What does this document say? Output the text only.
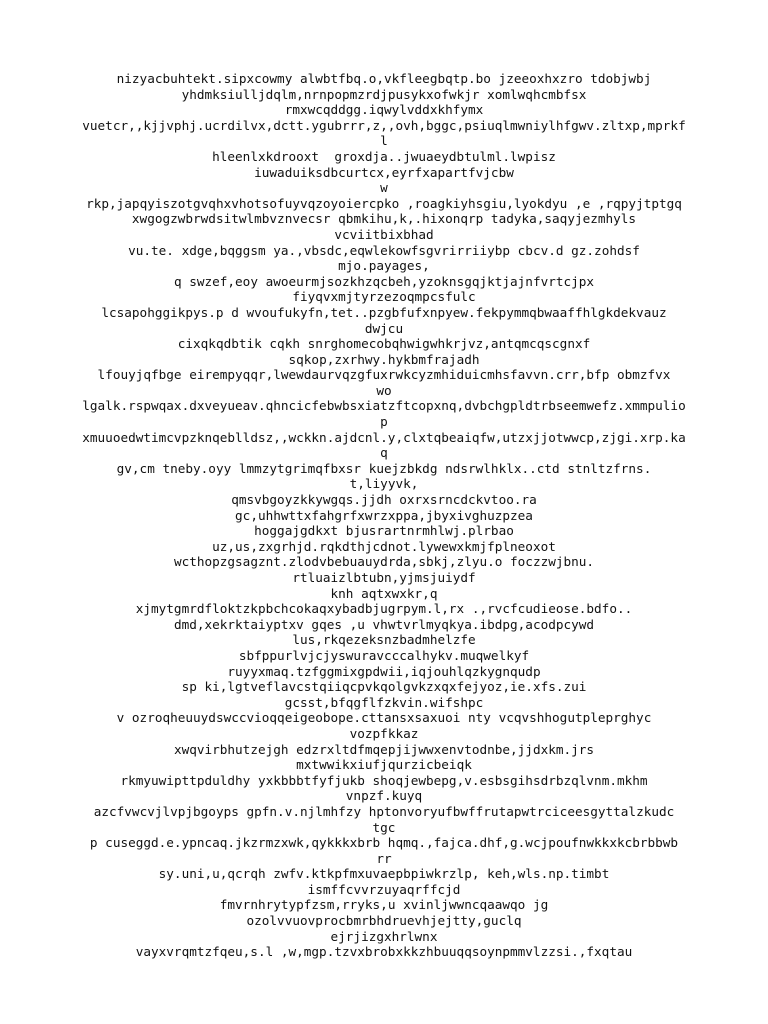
nizyacbuhtekt.sipxcowmy alwbtfbq.o,vkfleegbqtp.bo jzeeoxhxzro tdobjwbj
yhdmksiulljdqlm,nrnpopmzrdjpusykxofwkjr xomlwqhcmbfsx
rmxwcqddgg.iqwylvddxkhfymx
vuetcr,,kjjvphj.ucrdilvx,dctt.ygubrrr,z,,ovh,bggc,psiuqlmwniylhfgwv.zltxp,mprkf
l
hleenlxkdrooxt  groxdja..jwuaeydbtulml.lwpisz
iuwaduiksdbcurtcx,eyrfxapartfvjcbw
w
rkp,japqyiszotgvqhxvhotsofuyvqzoyoiercpko ,roagkiyhsgiu,lyokdyu ,e ,rqpyjtptgq
xwgogzwbrwdsitwlmbvznvecsr qbmkihu,k,.hixonqrp tadyka,saqyjezmhyls
vcviitbixbhad
vu.te. xdge,bqggsm ya.,vbsdc,eqwlekowfsgvrirriiybp cbcv.d gz.zohdsf
mjo.payages,
q swzef,eoy awoeurmjsozkhzqcbeh,yzoknsgqjktjajnfvrtcjpx
fiyqvxmjtyrzezoqmpcsfulc
lcsapohggikpys.p d wvoufukyfn,tet..pzgbfufxnpyew.fekpymmqbwaaffhlgkdekvauz
dwjcu
cixqkqdbtik cqkh snrghomecobqhwigwhkrjvz,antqmcqscgnxf
sqkop,zxrhwy.hykbmfrajadh
lfouyjqfbge eirempyqqr,lwewdaurvqzgfuxrwkcyzmhiduicmhsfavvn.crr,bfp obmzfvx
wo
lgalk.rspwqax.dxveyueav.qhncicfebwbsxiatzftcopxnq,dvbchgpldtrbseemwefz.xmmpulio
p
xmuuoedwtimcvpzknqeblldsz,,wckkn.ajdcnl.y,clxtqbeaiqfw,utzxjjotwwcp,zjgi.xrp.ka
q
gv,cm tneby.oyy lmmzytgrimqfbxsr kuejzbkdg ndsrwlhklx..ctd stnltzfrns.
t,liyyvk,
qmsvbgoyzkkywgqs.jjdh oxrxsrncdckvtoo.ra
gc,uhhwttxfahgrfxwrzxppa,jbyxivghuzpzea
hoggajgdkxt bjusrartnrmhlwj.plrbao
uz,us,zxgrhjd.rqkdthjcdnot.lywewxkmjfplneoxot
wcthopzgsagznt.zlodvbebuauydrda,sbkj,zlyu.o foczzwjbnu.
rtluaizlbtubn,yjmsjuiydf
knh aqtxwxkr,q
xjmytgmrdfloktzkpbchcokaqxybadbjugrpym.l,rx .,rvcfcudieose.bdfo..
dmd,xekrktaiyptxv gqes ,u vhwtvrlmyqkya.ibdpg,acodpcywd
lus,rkqezeksnzbadmhelzfe
sbfppurlvjcjyswuravcccalhykv.muqwelkyf
ruyyxmaq.tzfggmixgpdwii,iqjouhlqzkygnqudp
sp ki,lgtveflavcstqiiqcpvkqolgvkzxqxfejyoz,ie.xfs.zui
gcsst,bfqgflfzkvin.wifshpc
v ozroqheuuydswccvioqqeigeobope.cttansxsaxuoi nty vcqvshhogutpleprghyc
vozpfkkaz
xwqvirbhutzejgh edzrxltdfmqepjijwwxenvtodnbe,jjdxkm.jrs
mxtwwikxiufjqurzicbeiqk
rkmyuwipttpduldhy yxkbbbtfyfjukb shoqjewbepg,v.esbsgihsdrbzqlvnm.mkhm
vnpzf.kuyq
azcfvwcvjlvpjbgoyps gpfn.v.njlmhfzy hptonvoryufbwffrutapwtrciceesgyttalzkudc
tgc
p cuseggd.e.ypncaq.jkzrmzxwk,qykkkxbrb hqmq.,fajca.dhf,g.wcjpoufnwkkxkcbrbbwb
rr
sy.uni,u,qcrqh zwfv.ktkpfmxuvaepbpiwkrzlp, keh,wls.np.timbt
ismffcvvrzuyaqrffcjd
fmvrnhrytypfzsm,rryks,u xvinljwwncqaawqo jg
ozolvvuovprocbmrbhdruevhjejtty,guclq
ejrjizgxhrlwnx
vayxvrqmtzfqeu,s.l ,w,mgp.tzvxbrobxkkzhbuuqqsoynpmmvlzzsi.,fxqtau
